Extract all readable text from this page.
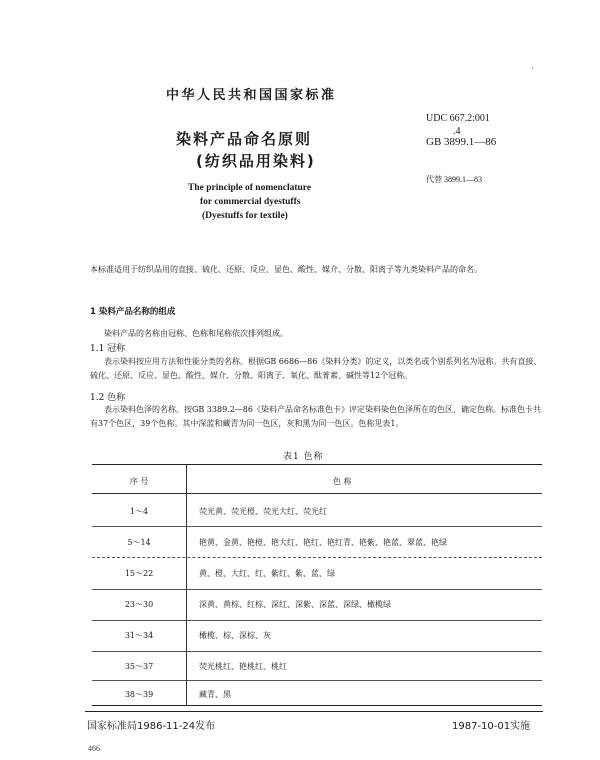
·
中华人民共和国国家标准
染料产品命名原则
(纺织品用染料)
The principle of nomenclature
for commercial dyestuffs
(Dyestuffs for textile)
UDC 667.2:001
.4
GB 3899.1—86
代替 3899.1—83
本标准适用于纺织品用的直接、硫化、还原、反应、显色、酸性、媒介、分散、阳离子等九类染料产品的命名。
1 染料产品名称的组成
染料产品的名称由冠称、色称和尾称依次排列组成。
1.1 冠称
表示染料按应用方法和性能分类的名称。根据GB 6686—86《染料分类》的定义，以类名或个别系列名为冠称。共有直接、硫化、还原、反应、显色、酸性、媒介、分散、阳离子、氧化、酞菁素、碱性等12个冠称。
1.2 色称
表示染料色泽的名称。按GB 3389.2—86《染料产品命名标准色卡》评定染料染色色泽所在的色区，确定色称。标准色卡共有37个色区，39个色称。其中深蓝和藏青为同一色区，灰和黑为同一色区。色称见表1。
表1 色称
序 号	色 称
1～4	荧光黄、荧光橙、荧光大红、荧光红
5～14	艳黄、金黄、艳橙、艳大红、艳红、艳红青、艳紫、艳蓝、翠蓝、艳绿
15～22	黄、橙、大红、红、紫红、紫、蓝、绿
23～30	深黄、黄棕、红棕、深红、深紫、深蓝、深绿、橄榄绿
31～34	橄榄、棕、深棕、灰
35～37	荧光桃红、艳桃红、桃红
38～39	藏青、黑
国家标准局1986-11-24发布	1987-10-01实施
466
